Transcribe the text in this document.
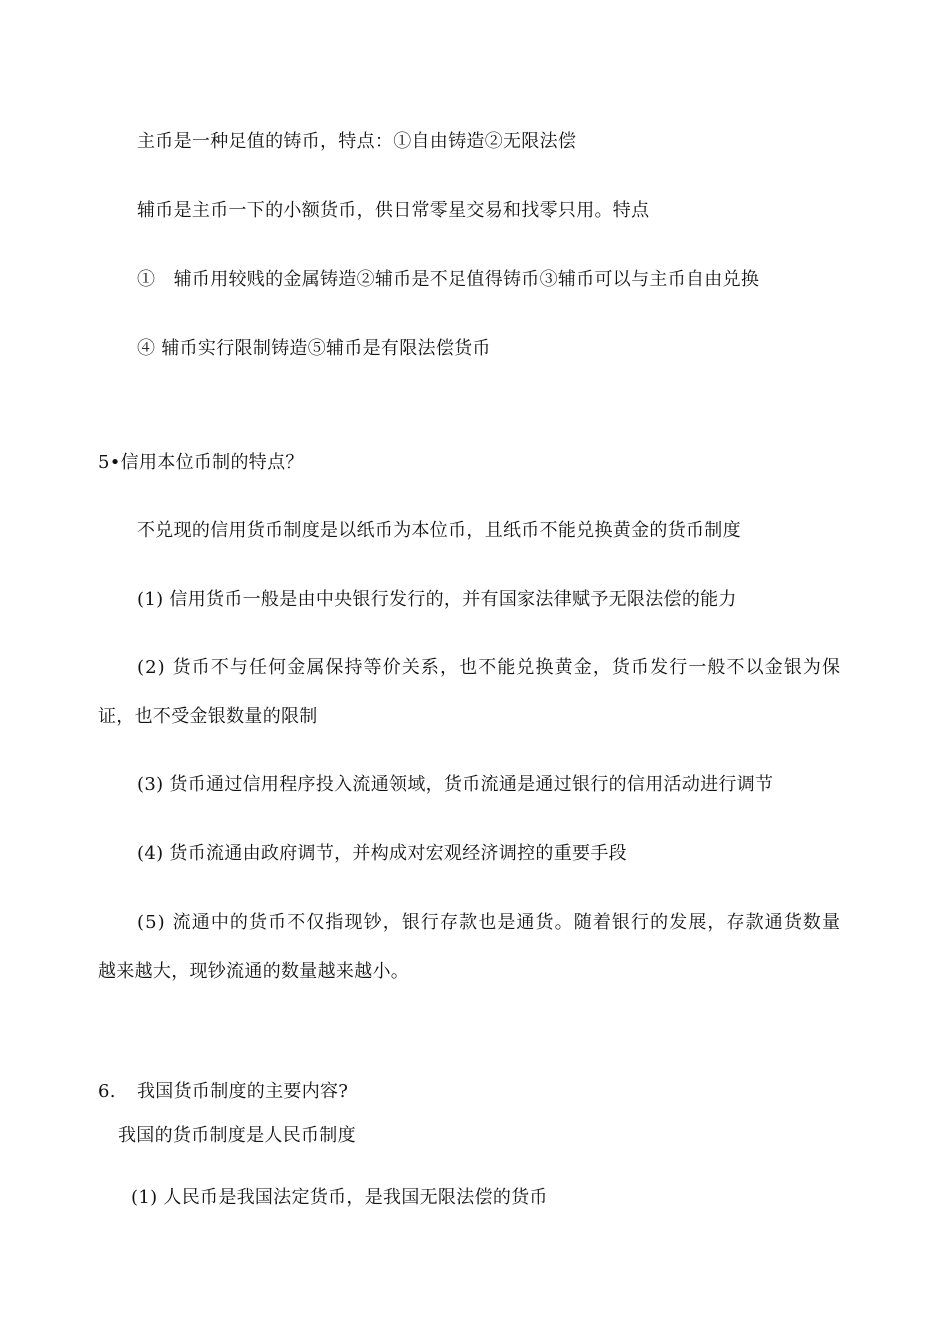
主币是一种足值的铸币，特点：①自由铸造②无限法偿
辅币是主币一下的小额货币，供日常零星交易和找零只用。特点
①　辅币用较贱的金属铸造②辅币是不足值得铸币③辅币可以与主币自由兑换
④ 辅币实行限制铸造⑤辅币是有限法偿货币
5•信用本位币制的特点？
不兑现的信用货币制度是以纸币为本位币，且纸币不能兑换黄金的货币制度
(1) 信用货币一般是由中央银行发行的，并有国家法律赋予无限法偿的能力
(2) 货币不与任何金属保持等价关系，也不能兑换黄金，货币发行一般不以金银为保
证，也不受金银数量的限制
(3) 货币通过信用程序投入流通领域，货币流通是通过银行的信用活动进行调节
(4) 货币流通由政府调节，并构成对宏观经济调控的重要手段
(5) 流通中的货币不仅指现钞，银行存款也是通货。随着银行的发展，存款通货数量
越来越大，现钞流通的数量越来越小。
6. 我国货币制度的主要内容?
我国的货币制度是人民币制度
(1) 人民币是我国法定货币，是我国无限法偿的货币
